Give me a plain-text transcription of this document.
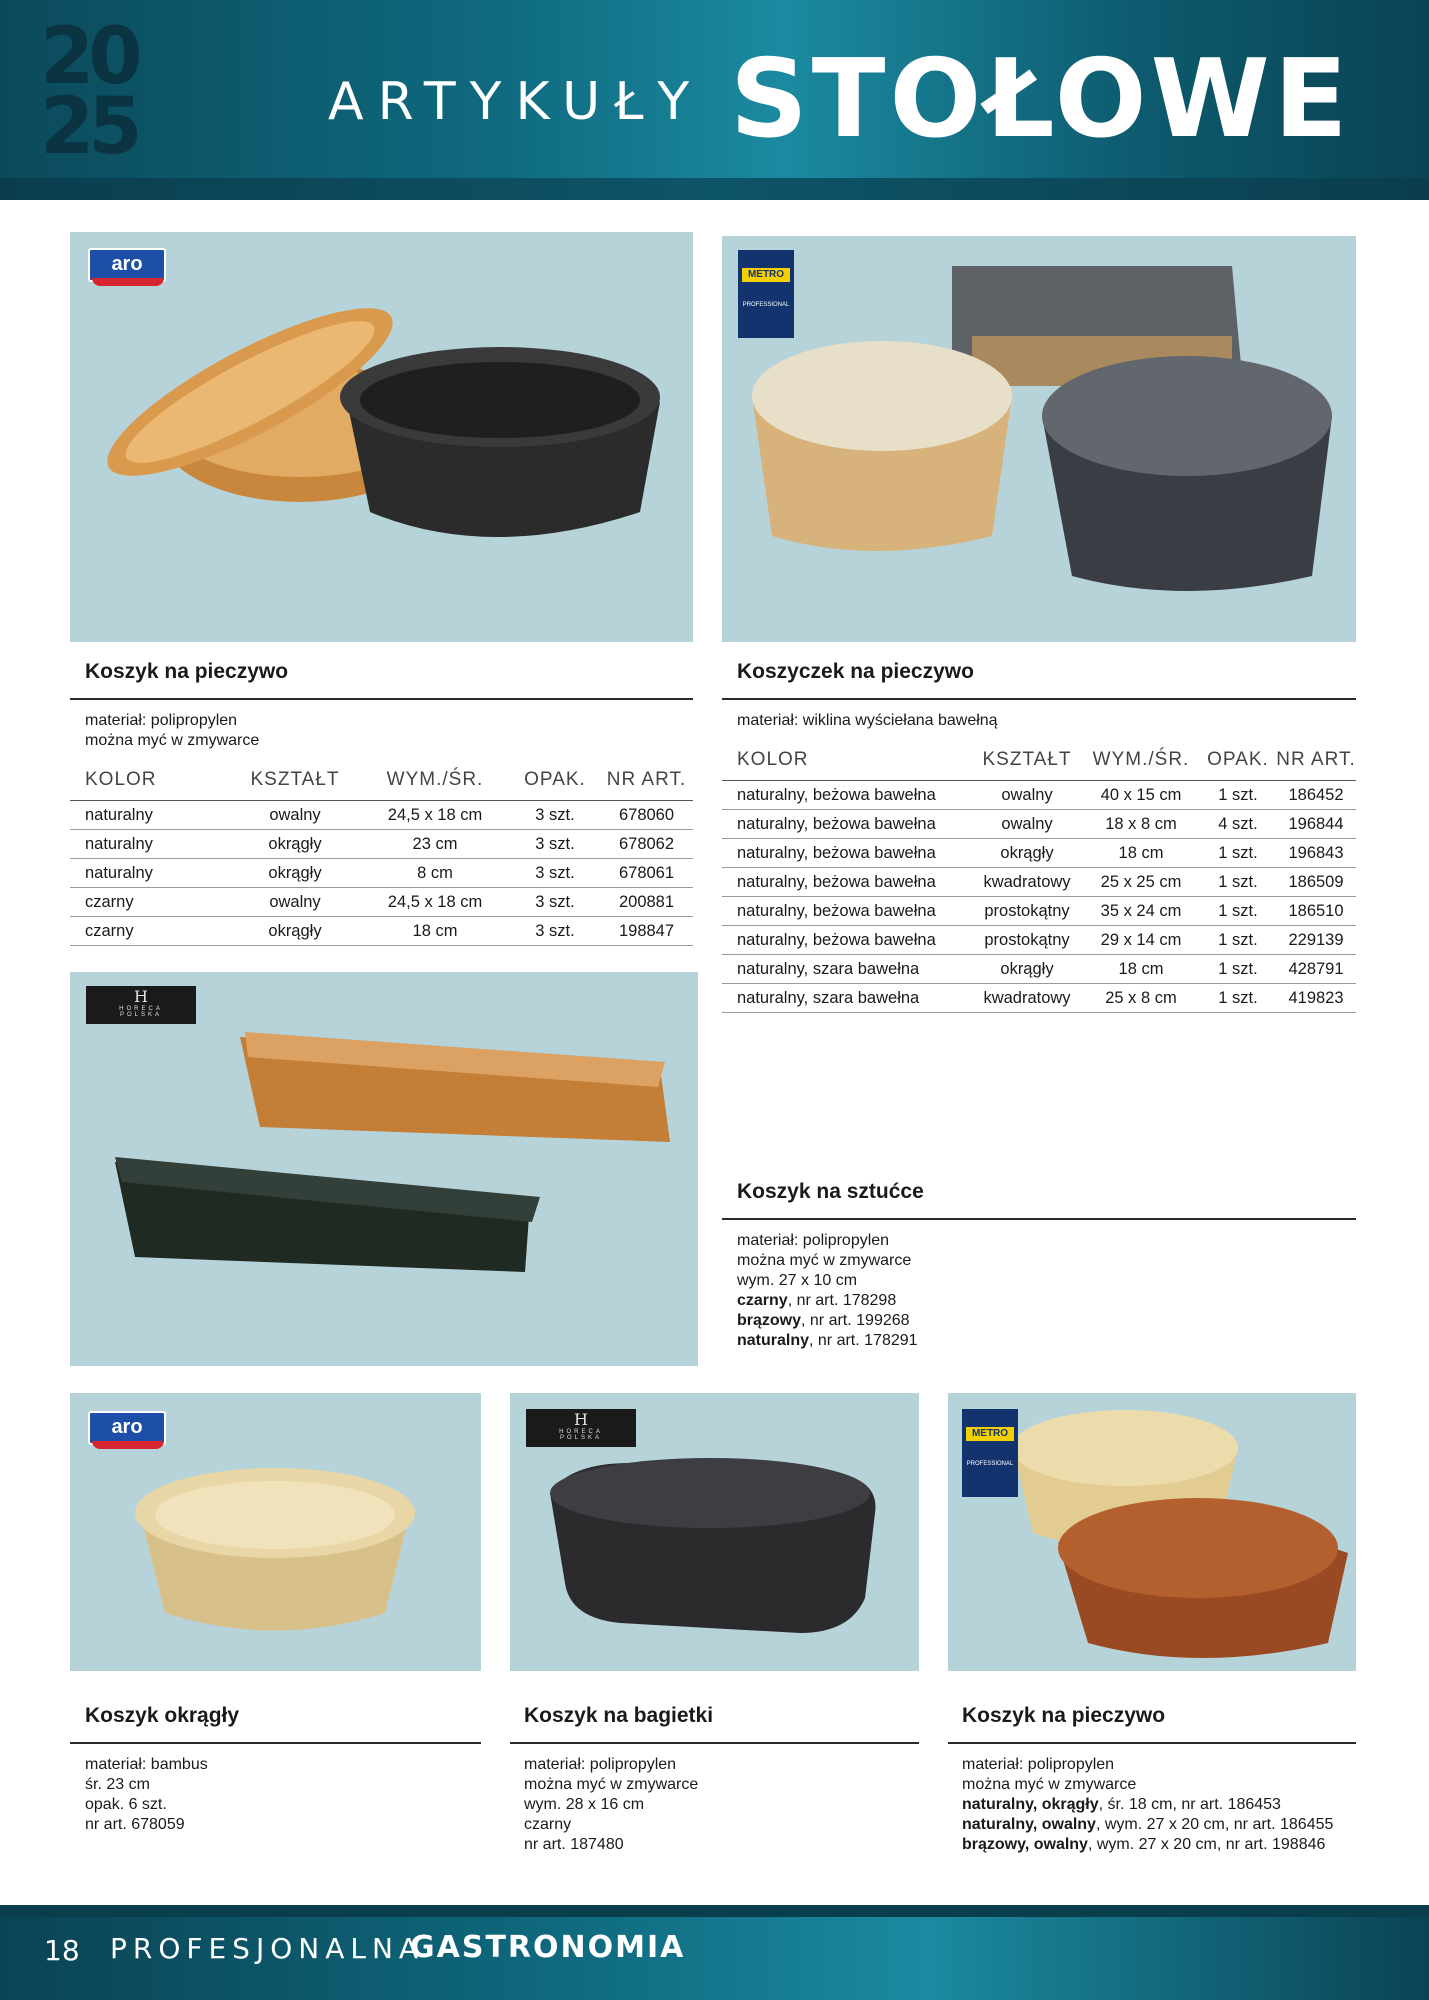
20
25	ARTYKUŁY STOŁOWE
aro	METRO
PROFESSIONAL
Koszyk na pieczywo
materiał: polipropylen
można myć w zmywarce
KOLOR	KSZTAŁT	WYM./ŚR.	OPAK.	NR ART.
naturalny	owalny	24,5 x 18 cm	3 szt.	678060
naturalny	okrągły	23 cm	3 szt.	678062
naturalny	okrągły	8 cm	3 szt.	678061
czarny	owalny	24,5 x 18 cm	3 szt.	200881
czarny	okrągły	18 cm	3 szt.	198847
Koszyczek na pieczywo
materiał: wiklina wyściełana bawełną
KOLOR	KSZTAŁT	WYM./ŚR.	OPAK.	NR ART.
naturalny, beżowa bawełna	owalny	40 x 15 cm	1 szt.	186452
naturalny, beżowa bawełna	owalny	18 x 8 cm	4 szt.	196844
naturalny, beżowa bawełna	okrągły	18 cm	1 szt.	196843
naturalny, beżowa bawełna	kwadratowy	25 x 25 cm	1 szt.	186509
naturalny, beżowa bawełna	prostokątny	35 x 24 cm	1 szt.	186510
naturalny, beżowa bawełna	prostokątny	29 x 14 cm	1 szt.	229139
naturalny, szara bawełna	okrągły	18 cm	1 szt.	428791
naturalny, szara bawełna	kwadratowy	25 x 8 cm	1 szt.	419823
H
HORECA
POLSKA
Koszyk na sztućce
materiał: polipropylen
można myć w zmywarce
wym. 27 x 10 cm
czarny, nr art. 178298
brązowy, nr art. 199268
naturalny, nr art. 178291
aro	H
HORECA
POLSKA	METRO
PROFESSIONAL
Koszyk okrągły
materiał: bambus
śr. 23 cm
opak. 6 szt.
nr art. 678059
Koszyk na bagietki
materiał: polipropylen
można myć w zmywarce
wym. 28 x 16 cm
czarny
nr art. 187480
Koszyk na pieczywo
materiał: polipropylen
można myć w zmywarce
naturalny, okrągły, śr. 18 cm, nr art. 186453
naturalny, owalny, wym. 27 x 20 cm, nr art. 186455
brązowy, owalny, wym. 27 x 20 cm, nr art. 198846
18 PROFESJONALNA
GASTRONOMIA
